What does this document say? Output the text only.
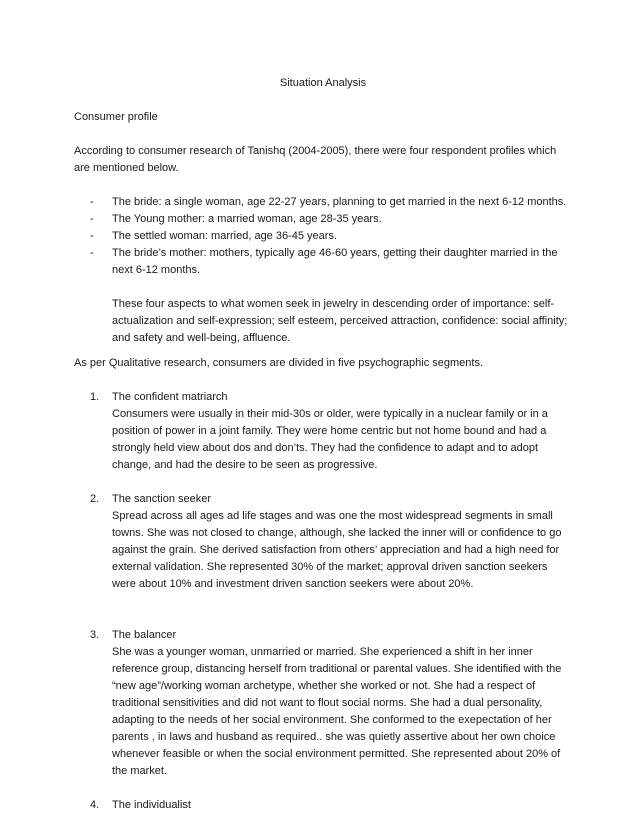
Situation Analysis

Consumer profile

According to consumer research of Tanishq (2004-2005), there were four respondent profiles which are mentioned below.

- The bride: a single woman, age 22-27 years, planning to get married in the next 6-12 months.
- The Young mother: a married woman, age 28-35 years.
- The settled woman: married, age 36-45 years.
- The bride’s mother: mothers, typically age 46-60 years, getting their daughter married in the next 6-12 months.

These four aspects to what women seek in jewelry in descending order of importance: self-actualization and self-expression; self esteem, perceived attraction, confidence: social affinity; and safety and well-being, affluence.

As per Qualitative research, consumers are divided in five psychographic segments.

1. The confident matriarch
Consumers were usually in their mid-30s or older, were typically in a nuclear family or in a position of power in a joint family. They were home centric but not home bound and had a strongly held view about dos and don’ts. They had the confidence to adapt and to adopt change, and had the desire to be seen as progressive.
2. The sanction seeker
Spread across all ages ad life stages and was one the most widespread segments in small towns. She was not closed to change, although, she lacked the inner will or confidence to go against the grain. She derived satisfaction from others’ appreciation and had a high need for external validation. She represented 30% of the market; approval driven sanction seekers were about 10% and investment driven sanction seekers were about 20%.
3. The balancer
She was a younger woman, unmarried or married. She experienced a shift in her inner reference group, distancing herself from traditional or parental values. She identified with the “new age”/working woman archetype, whether she worked or not. She had a respect of traditional sensitivities and did not want to flout social norms. She had a dual personality, adapting to the needs of her social environment. She conformed to the exepectation of her parents , in laws and husband as required.. she was quietly assertive about her own choice whenever feasible or when the social environment permitted. She represented about 20% of the market.
4. The individualist
